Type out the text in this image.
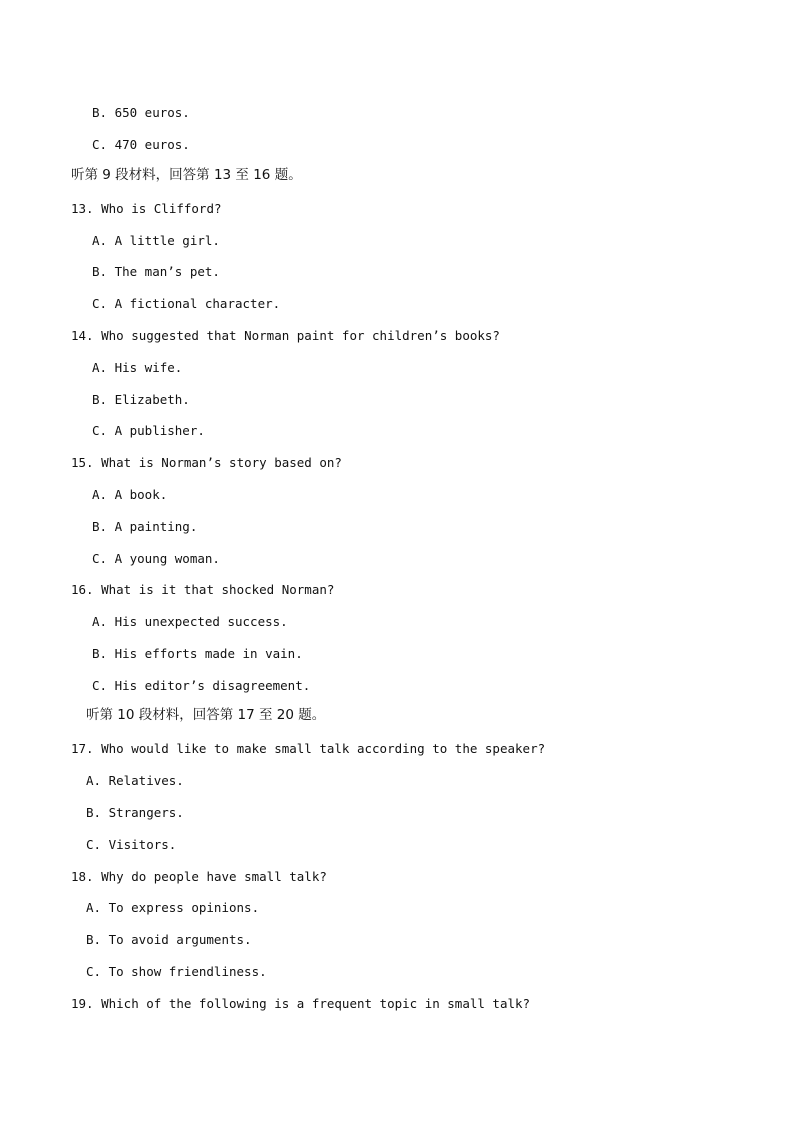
B. 650 euros.
C. 470 euros.
听第 9 段材料，回答第 13 至 16 题。
13. Who is Clifford?
A. A little girl.
B. The man’s pet.
C. A fictional character.
14. Who suggested that Norman paint for children’s books?
A. His wife.
B. Elizabeth.
C. A publisher.
15. What is Norman’s story based on?
A. A book.
B. A painting.
C. A young woman.
16. What is it that shocked Norman?
A. His unexpected success.
B. His efforts made in vain.
C. His editor’s disagreement.
听第 10 段材料，回答第 17 至 20 题。
17. Who would like to make small talk according to the speaker?
A. Relatives.
B. Strangers.
C. Visitors.
18. Why do people have small talk?
A. To express opinions.
B. To avoid arguments.
C. To show friendliness.
19. Which of the following is a frequent topic in small talk?
